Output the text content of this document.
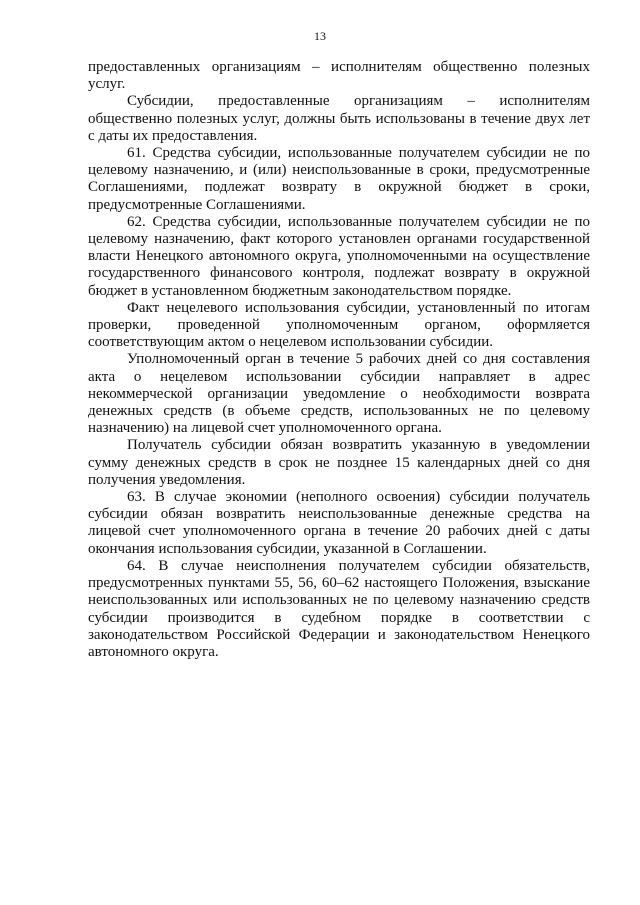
13

предоставленных организациям – исполнителям общественно полезных услуг.

Субсидии, предоставленные организациям – исполнителям общественно полезных услуг, должны быть использованы в течение двух лет с даты их предоставления.

61. Средства субсидии, использованные получателем субсидии не по целевому назначению, и (или) неиспользованные в сроки, предусмотренные Соглашениями, подлежат возврату в окружной бюджет в сроки, предусмотренные Соглашениями.

62. Средства субсидии, использованные получателем субсидии не по целевому назначению, факт которого установлен органами государственной власти Ненецкого автономного округа, уполномоченными на осуществление государственного финансового контроля, подлежат возврату в окружной бюджет в установленном бюджетным законодательством порядке.

Факт нецелевого использования субсидии, установленный по итогам проверки, проведенной уполномоченным органом, оформляется соответствующим актом о нецелевом использовании субсидии.

Уполномоченный орган в течение 5 рабочих дней со дня составления акта о нецелевом использовании субсидии направляет в адрес некоммерческой организации уведомление о необходимости возврата денежных средств (в объеме средств, использованных не по целевому назначению) на лицевой счет уполномоченного органа.

Получатель субсидии обязан возвратить указанную в уведомлении сумму денежных средств в срок не позднее 15 календарных дней со дня получения уведомления.

63. В случае экономии (неполного освоения) субсидии получатель субсидии обязан возвратить неиспользованные денежные средства на лицевой счет уполномоченного органа в течение 20 рабочих дней с даты окончания использования субсидии, указанной в Соглашении.

64. В случае неисполнения получателем субсидии обязательств, предусмотренных пунктами 55, 56, 60–62 настоящего Положения, взыскание неиспользованных или использованных не по целевому назначению средств субсидии производится в судебном порядке в соответствии с законодательством Российской Федерации и законодательством Ненецкого автономного округа.
